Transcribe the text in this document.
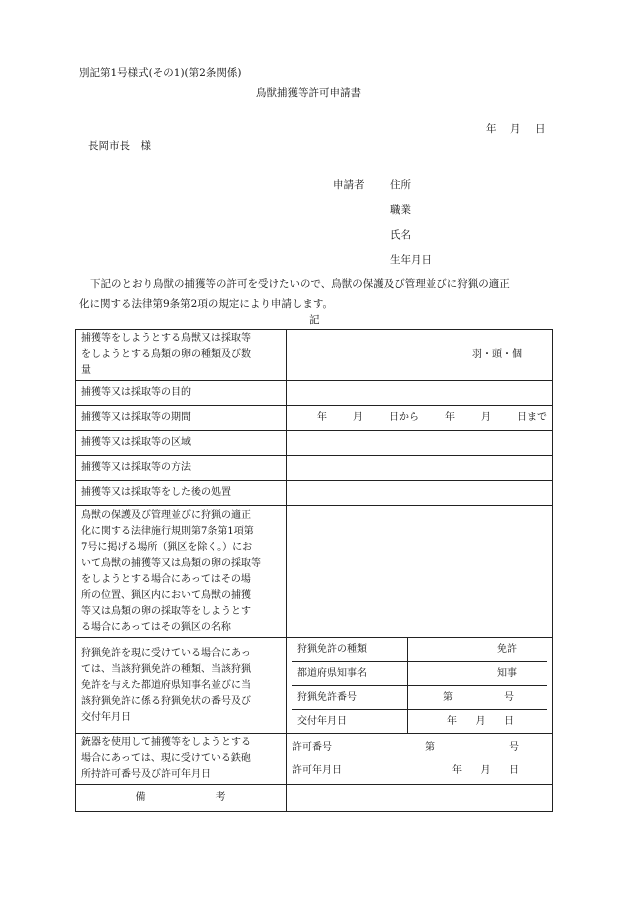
別記第1号様式(その1)(第2条関係)
鳥獣捕獲等許可申請書
年 月 日
長岡市長　様
申請者 住所
職業
氏名
生年月日
下記のとおり鳥獣の捕獲等の許可を受けたいので、鳥獣の保護及び管理並びに狩猟の適正
化に関する法律第9条第2項の規定により申請します。
記
捕獲等をしようとする鳥獣又は採取等
をしようとする鳥類の卵の種類及び数
量

羽・頭・個

捕獲等又は採取等の目的	
捕獲等又は採取等の期間	年	月	日から	年	月	日まで

捕獲等又は採取等の区域	
捕獲等又は採取等の方法	
捕獲等又は採取等をした後の処置	

鳥獣の保護及び管理並びに狩猟の適正
化に関する法律施行規則第7条第1項第
7号に掲げる場所（猟区を除く。）にお
いて鳥獣の捕獲等又は鳥類の卵の採取等
をしようとする場合にあってはその場
所の位置、猟区内において鳥獣の捕獲
等又は鳥類の卵の採取等をしようとす
る場合にあってはその猟区の名称

狩猟免許を現に受けている場合にあっ
ては、当該狩猟免許の種類、当該狩猟
免許を与えた都道府県知事名並びに当
該狩猟免許に係る狩猟免状の番号及び
交付年月日

狩猟免許の種類	免許
都道府県知事名	知事
狩猟免許番号	第	号

交付年月日	年 月 日

銃器を使用して捕獲等をしようとする
場合にあっては、現に受けている鉄砲
所持許可番号及び許可年月日

許可番号	第	号

許可年月日	年 月 日

備	考
